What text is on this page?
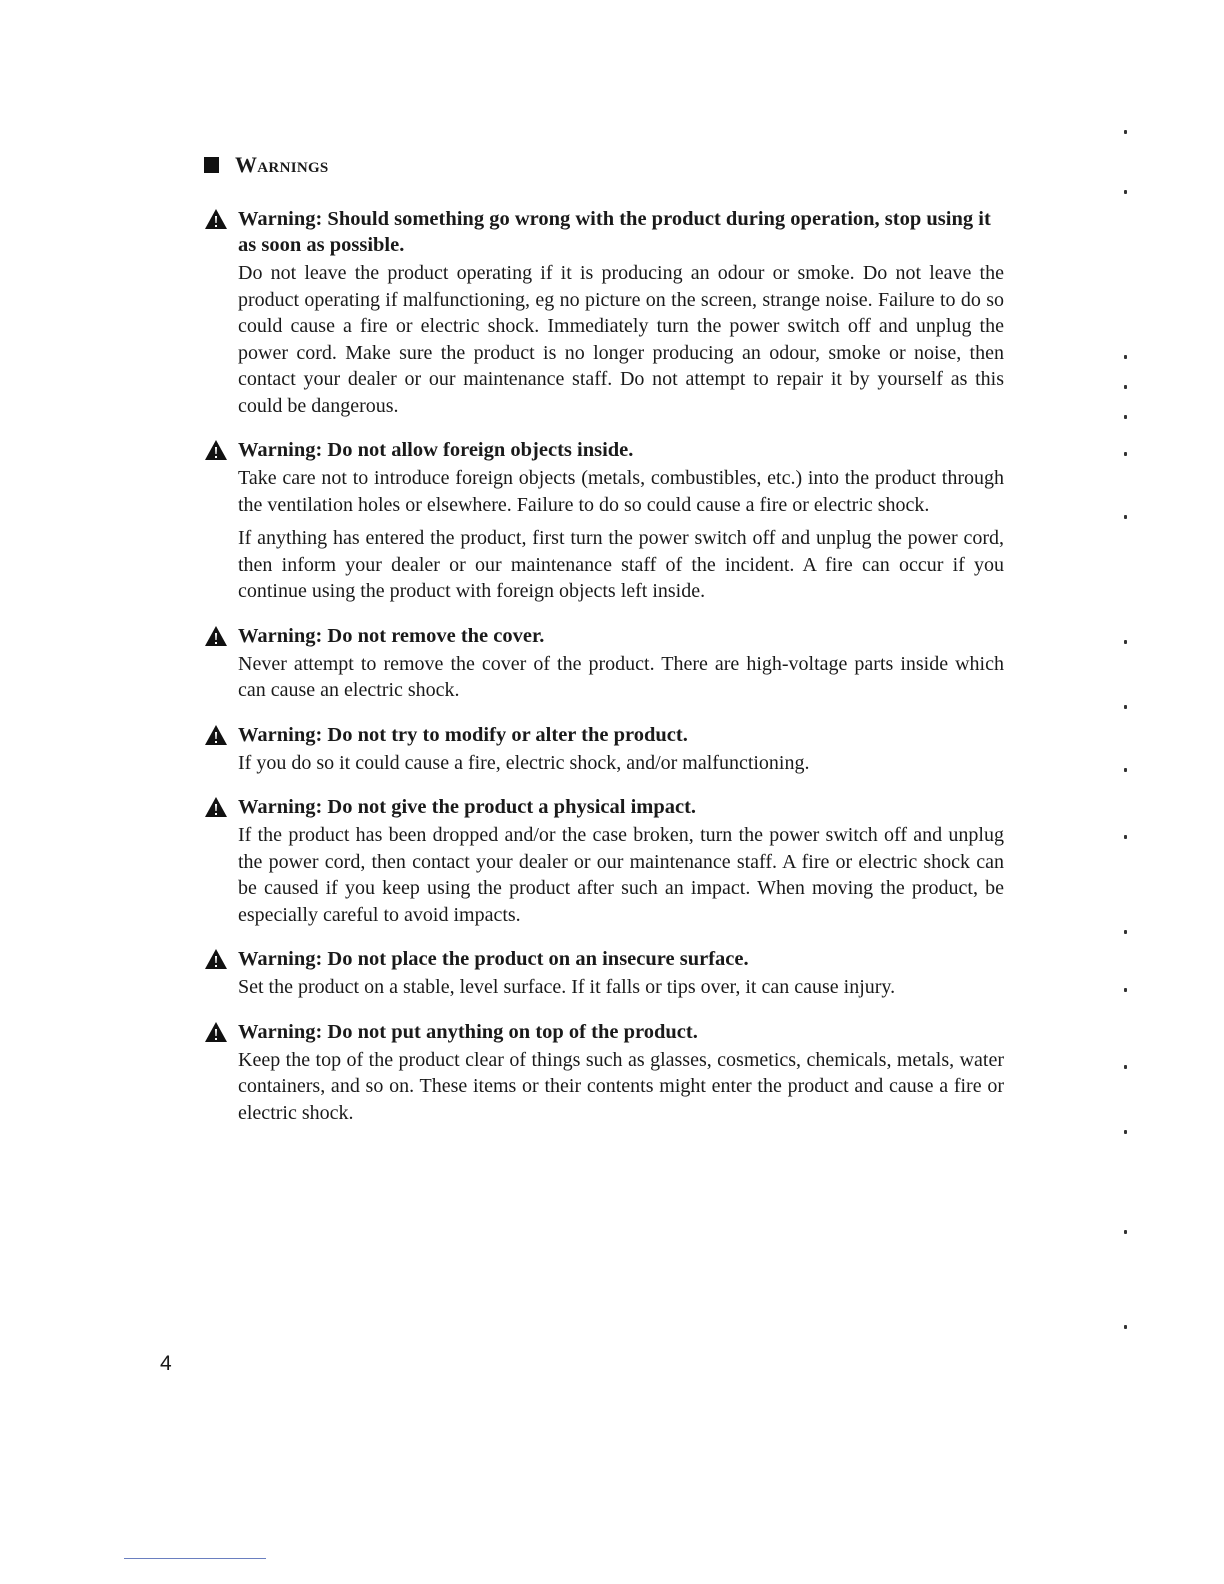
Warnings
Warning: Should something go wrong with the product during operation, stop using it as soon as possible.

Do not leave the product operating if it is producing an odour or smoke. Do not leave the product operating if malfunctioning, eg no picture on the screen, strange noise. Failure to do so could cause a fire or electric shock. Immediately turn the power switch off and unplug the power cord. Make sure the product is no longer producing an odour, smoke or noise, then contact your dealer or our maintenance staff. Do not attempt to repair it by yourself as this could be dangerous.

Warning: Do not allow foreign objects inside.

Take care not to introduce foreign objects (metals, combustibles, etc.) into the product through the ventilation holes or elsewhere. Failure to do so could cause a fire or electric shock.

If anything has entered the product, first turn the power switch off and unplug the power cord, then inform your dealer or our maintenance staff of the incident. A fire can occur if you continue using the product with foreign objects left inside.

Warning: Do not remove the cover.

Never attempt to remove the cover of the product. There are high-voltage parts inside which can cause an electric shock.

Warning: Do not try to modify or alter the product.

If you do so it could cause a fire, electric shock, and/or malfunctioning.

Warning: Do not give the product a physical impact.

If the product has been dropped and/or the case broken, turn the power switch off and unplug the power cord, then contact your dealer or our maintenance staff. A fire or electric shock can be caused if you keep using the product after such an impact. When moving the product, be especially careful to avoid impacts.

Warning: Do not place the product on an insecure surface.

Set the product on a stable, level surface. If it falls or tips over, it can cause injury.

Warning: Do not put anything on top of the product.

Keep the top of the product clear of things such as glasses, cosmetics, chemicals, metals, water containers, and so on. These items or their contents might enter the product and cause a fire or electric shock.

4
